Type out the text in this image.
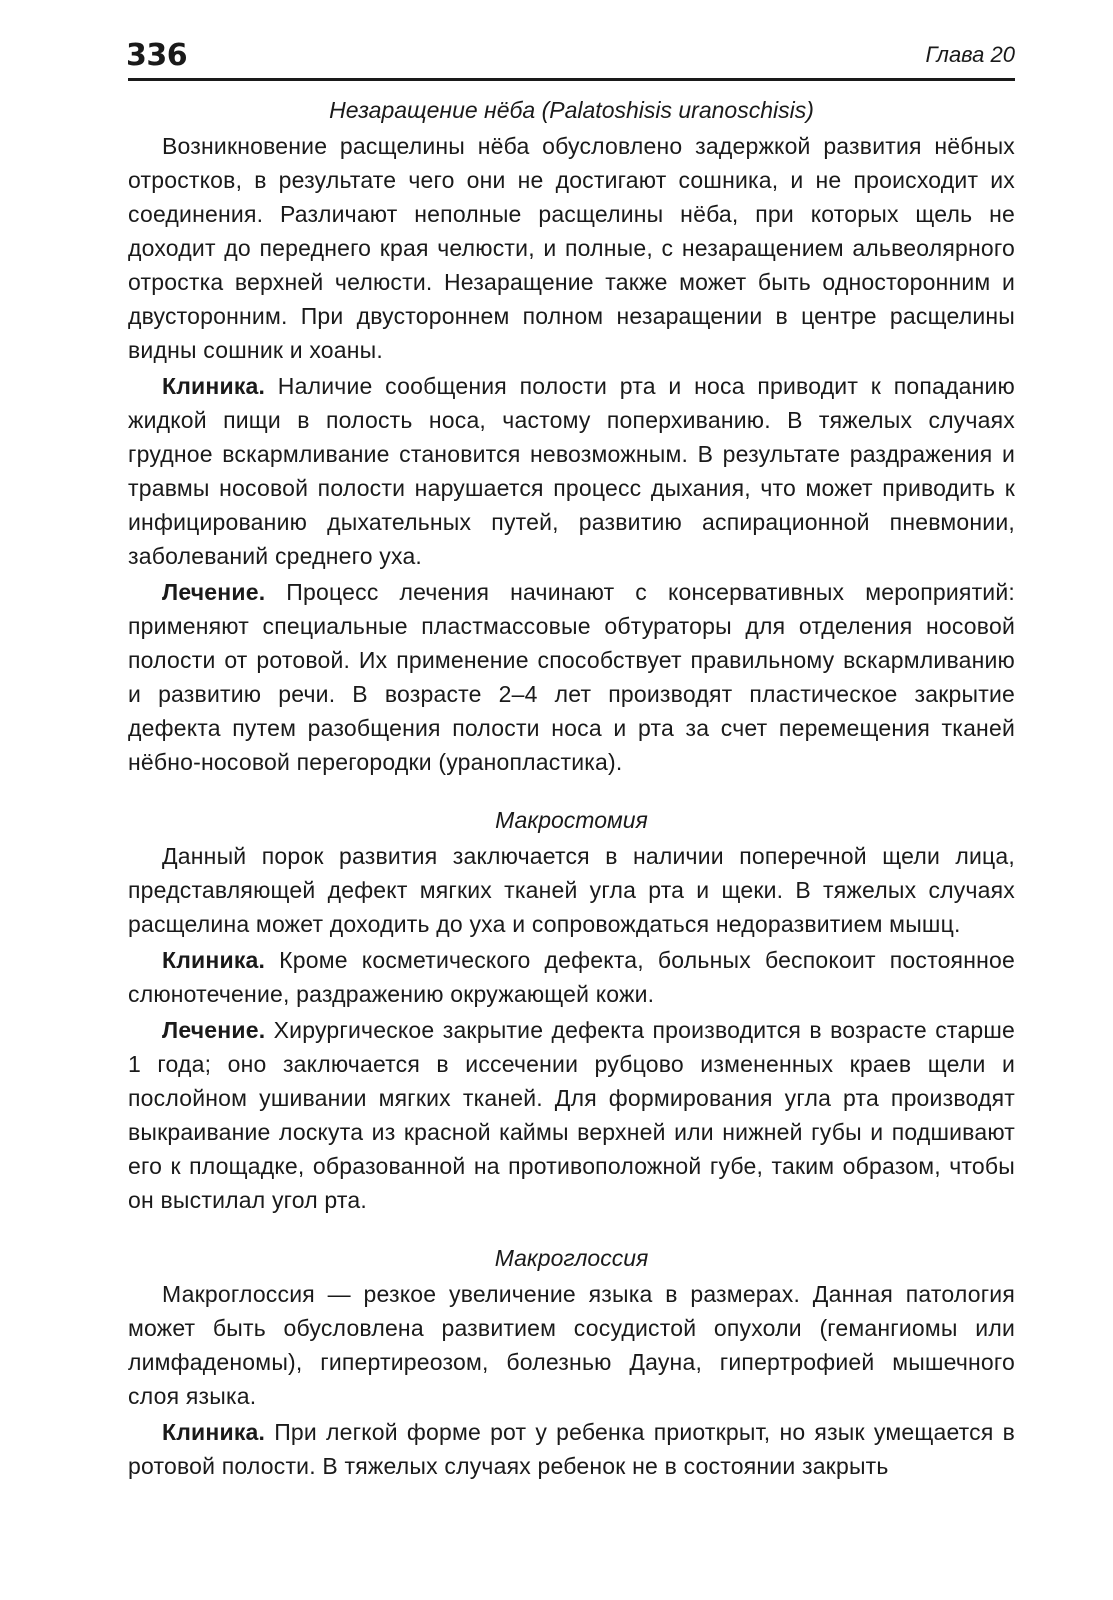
336	Глава 20
Незаращение нёба (Palatoshisis uranoschisis)

Возникновение расщелины нёба обусловлено задержкой развития нёбных отростков, в результате чего они не достигают сошника, и не происходит их соединения. Различают неполные расщелины нёба, при которых щель не доходит до переднего края челюсти, и полные, с незаращением альвеолярного отростка верхней челюсти. Незаращение также может быть односторонним и двусторонним. При двустороннем полном незаращении в центре расщелины видны сошник и хоаны.

Клиника. Наличие сообщения полости рта и носа приводит к попаданию жидкой пищи в полость носа, частому поперхиванию. В тяжелых случаях грудное вскармливание становится невозможным. В результате раздражения и травмы носовой полости нарушается процесс дыхания, что может приводить к инфицированию дыхательных путей, развитию аспирационной пневмонии, заболеваний среднего уха.

Лечение. Процесс лечения начинают с консервативных мероприятий: применяют специальные пластмассовые обтураторы для отделения носовой полости от ротовой. Их применение способствует правильному вскармливанию и развитию речи. В возрасте 2–4 лет производят пластическое закрытие дефекта путем разобщения полости носа и рта за счет перемещения тканей нёбно-носовой перегородки (уранопластика).

Макростомия

Данный порок развития заключается в наличии поперечной щели лица, представляющей дефект мягких тканей угла рта и щеки. В тяжелых случаях расщелина может доходить до уха и сопровождаться недоразвитием мышц.

Клиника. Кроме косметического дефекта, больных беспокоит постоянное слюнотечение, раздражению окружающей кожи.

Лечение. Хирургическое закрытие дефекта производится в возрасте старше 1 года; оно заключается в иссечении рубцово измененных краев щели и послойном ушивании мягких тканей. Для формирования угла рта производят выкраивание лоскута из красной каймы верхней или нижней губы и подшивают его к площадке, образованной на противоположной губе, таким образом, чтобы он выстилал угол рта.

Макроглоссия

Макроглоссия — резкое увеличение языка в размерах. Данная патология может быть обусловлена развитием сосудистой опухоли (гемангиомы или лимфаденомы), гипертиреозом, болезнью Дауна, гипертрофией мышечного слоя языка.

Клиника. При легкой форме рот у ребенка приоткрыт, но язык умещается в ротовой полости. В тяжелых случаях ребенок не в состоянии закрыть
